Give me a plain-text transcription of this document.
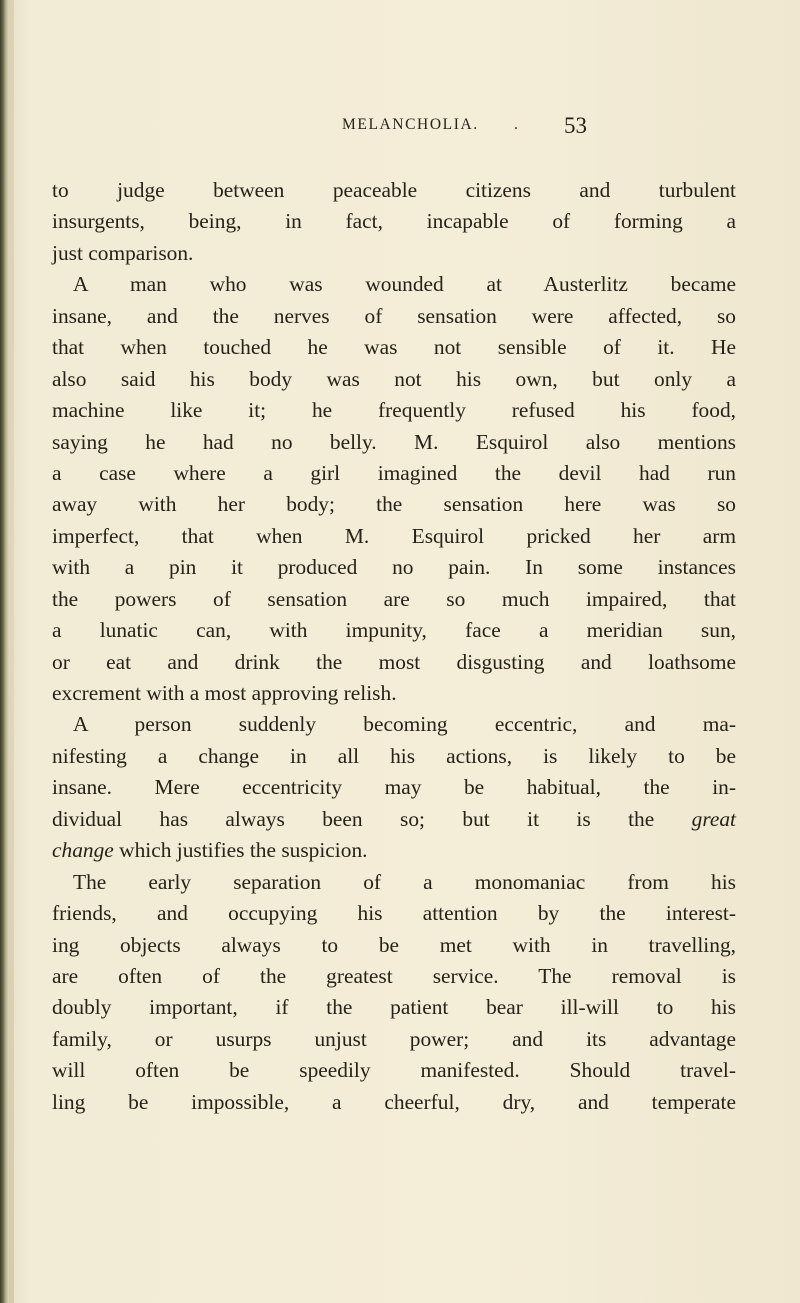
MELANCHOLIA. . 53
to judge between peaceable citizens and turbulent
insurgents, being, in fact, incapable of forming a
just comparison.
A man who was wounded at Austerlitz became
insane, and the nerves of sensation were affected, so
that when touched he was not sensible of it. He
also said his body was not his own, but only a
machine like it; he frequently refused his food,
saying he had no belly. M. Esquirol also mentions
a case where a girl imagined the devil had run
away with her body; the sensation here was so
imperfect, that when M. Esquirol pricked her arm
with a pin it produced no pain. In some instances
the powers of sensation are so much impaired, that
a lunatic can, with impunity, face a meridian sun,
or eat and drink the most disgusting and loathsome
excrement with a most approving relish.
A person suddenly becoming eccentric, and ma-
nifesting a change in all his actions, is likely to be
insane. Mere eccentricity may be habitual, the in-
dividual has always been so; but it is the great
change which justifies the suspicion.
The early separation of a monomaniac from his
friends, and occupying his attention by the interest-
ing objects always to be met with in travelling,
are often of the greatest service. The removal is
doubly important, if the patient bear ill-will to his
family, or usurps unjust power; and its advantage
will often be speedily manifested. Should travel-
ling be impossible, a cheerful, dry, and temperate
